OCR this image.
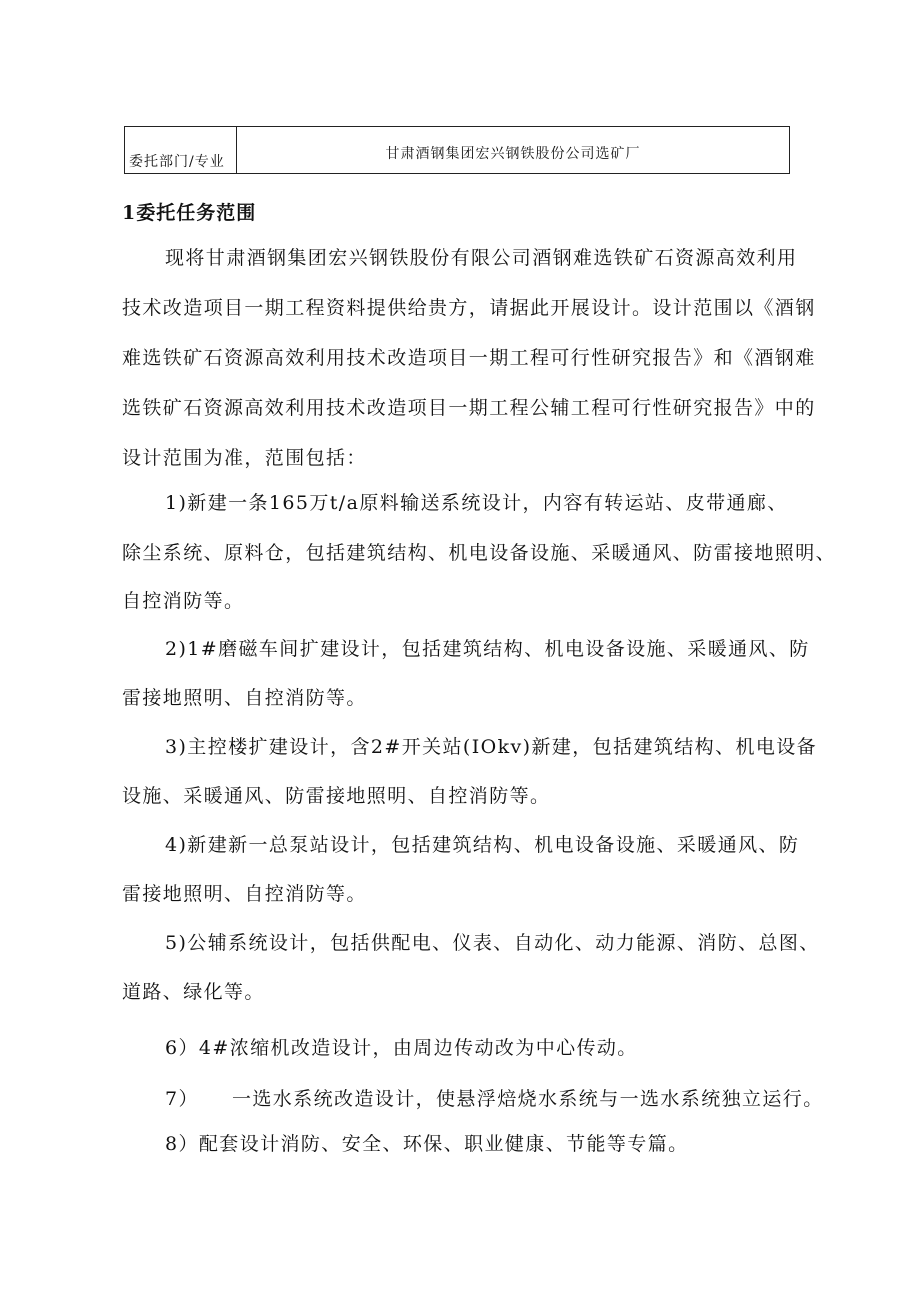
委托部门/专业	甘肃酒钢集团宏兴钢铁股份公司选矿厂
1委托任务范围
现将甘肃酒钢集团宏兴钢铁股份有限公司酒钢难选铁矿石资源高效利用
技术改造项目一期工程资料提供给贵方，请据此开展设计。设计范围以《酒钢
难选铁矿石资源高效利用技术改造项目一期工程可行性研究报告》和《酒钢难
选铁矿石资源高效利用技术改造项目一期工程公辅工程可行性研究报告》中的
设计范围为准，范围包括：
1)新建一条165万t/a原料输送系统设计，内容有转运站、皮带通廊、
除尘系统、原料仓，包括建筑结构、机电设备设施、采暖通风、防雷接地照明、
自控消防等。
2)1#磨磁车间扩建设计，包括建筑结构、机电设备设施、采暖通风、防
雷接地照明、自控消防等。
3)主控楼扩建设计，含2#开关站(IOkv)新建，包括建筑结构、机电设备
设施、采暖通风、防雷接地照明、自控消防等。
4)新建新一总泵站设计，包括建筑结构、机电设备设施、采暖通风、防
雷接地照明、自控消防等。
5)公辅系统设计，包括供配电、仪表、自动化、动力能源、消防、总图、
道路、绿化等。
6）4#浓缩机改造设计，由周边传动改为中心传动。
7） 一选水系统改造设计，使悬浮焙烧水系统与一选水系统独立运行。
8）配套设计消防、安全、环保、职业健康、节能等专篇。
